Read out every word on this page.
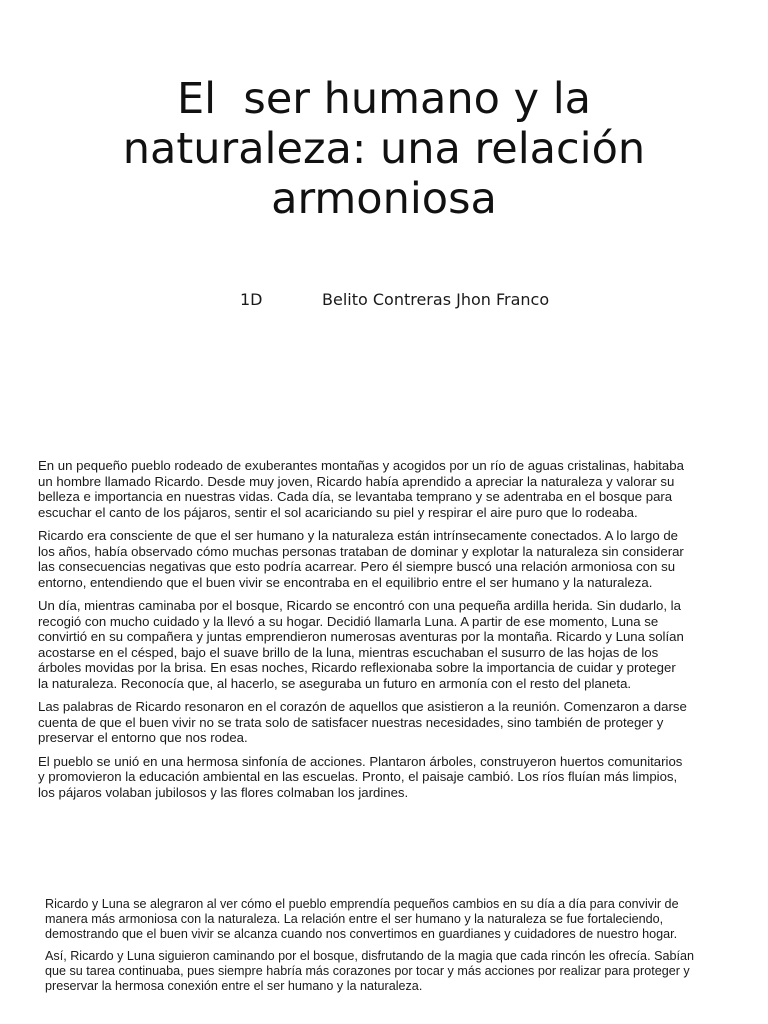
El  ser humano y la naturaleza: una relación armoniosa
1D	Belito Contreras Jhon Franco

En un pequeño pueblo rodeado de exuberantes montañas y acogidos por un río de aguas cristalinas, habitaba un hombre llamado Ricardo. Desde muy joven, Ricardo había aprendido a apreciar la naturaleza y valorar su belleza e importancia en nuestras vidas. Cada día, se levantaba temprano y se adentraba en el bosque para escuchar el canto de los pájaros, sentir el sol acariciando su piel y respirar el aire puro que lo rodeaba.

Ricardo era consciente de que el ser humano y la naturaleza están intrínsecamente conectados. A lo largo de los años, había observado cómo muchas personas trataban de dominar y explotar la naturaleza sin considerar las consecuencias negativas que esto podría acarrear. Pero él siempre buscó una relación armoniosa con su entorno, entendiendo que el buen vivir se encontraba en el equilibrio entre el ser humano y la naturaleza.

Un día, mientras caminaba por el bosque, Ricardo se encontró con una pequeña ardilla herida. Sin dudarlo, la recogió con mucho cuidado y la llevó a su hogar. Decidió llamarla Luna. A partir de ese momento, Luna se convirtió en su compañera y juntas emprendieron numerosas aventuras por la montaña. Ricardo y Luna solían acostarse en el césped, bajo el suave brillo de la luna, mientras escuchaban el susurro de las hojas de los árboles movidas por la brisa. En esas noches, Ricardo reflexionaba sobre la importancia de cuidar y proteger la naturaleza. Reconocía que, al hacerlo, se aseguraba un futuro en armonía con el resto del planeta.

Las palabras de Ricardo resonaron en el corazón de aquellos que asistieron a la reunión. Comenzaron a darse cuenta de que el buen vivir no se trata solo de satisfacer nuestras necesidades, sino también de proteger y preservar el entorno que nos rodea.

El pueblo se unió en una hermosa sinfonía de acciones. Plantaron árboles, construyeron huertos comunitarios y promovieron la educación ambiental en las escuelas. Pronto, el paisaje cambió. Los ríos fluían más limpios, los pájaros volaban jubilosos y las flores colmaban los jardines.

Ricardo y Luna se alegraron al ver cómo el pueblo emprendía pequeños cambios en su día a día para convivir de manera más armoniosa con la naturaleza. La relación entre el ser humano y la naturaleza se fue fortaleciendo, demostrando que el buen vivir se alcanza cuando nos convertimos en guardianes y cuidadores de nuestro hogar.

Así, Ricardo y Luna siguieron caminando por el bosque, disfrutando de la magia que cada rincón les ofrecía. Sabían que su tarea continuaba, pues siempre habría más corazones por tocar y más acciones por realizar para proteger y preservar la hermosa conexión entre el ser humano y la naturaleza.
